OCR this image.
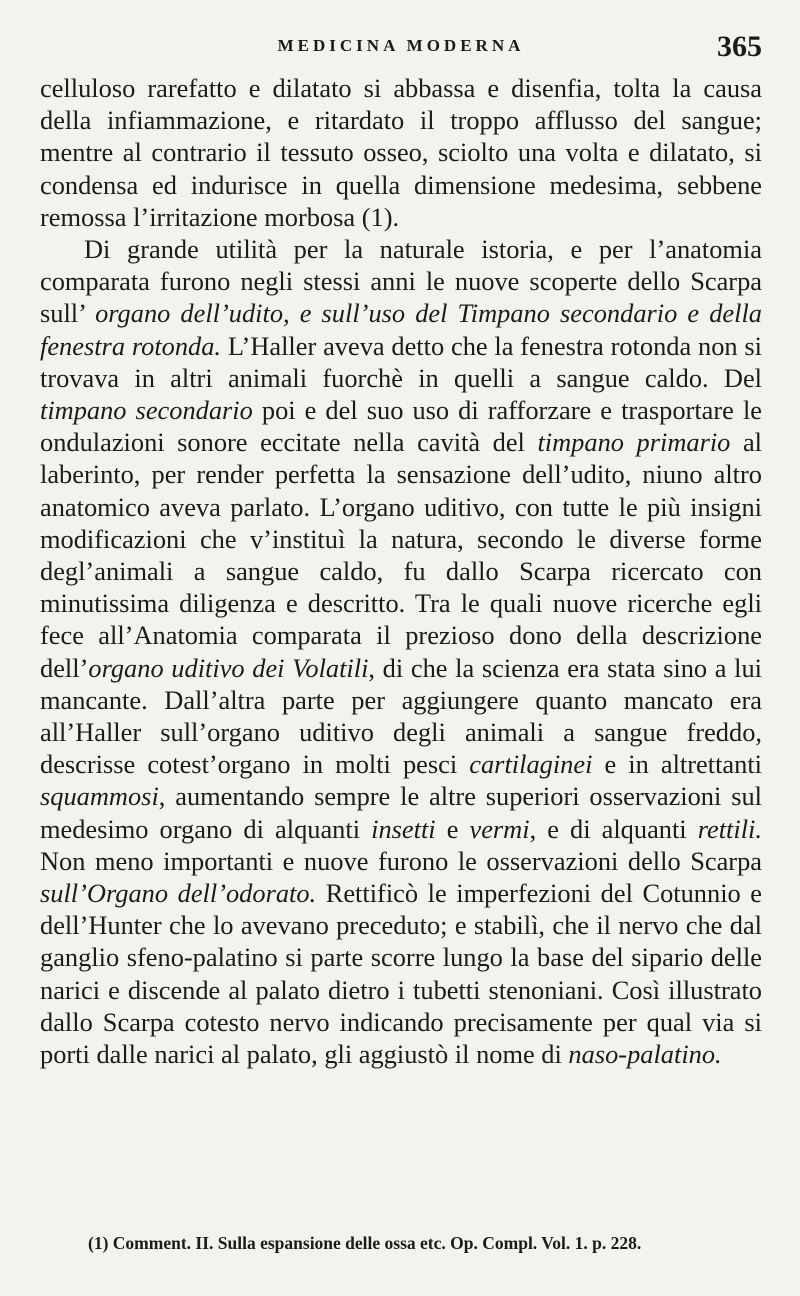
MEDICINA MODERNA	365

celluloso rarefatto e dilatato si abbassa e disenfia, tolta la causa della infiammazione, e ritardato il troppo afflusso del sangue; mentre al contrario il tessuto osseo, sciolto una volta e dilatato, si condensa ed indurisce in quella dimensione medesima, sebbene remossa l’irritazione morbosa (1).

Di grande utilità per la naturale istoria, e per l’anatomia comparata furono negli stessi anni le nuove scoperte dello Scarpa sull’ organo dell’udito, e sull’uso del Timpano secondario e della fenestra rotonda. L’Haller aveva detto che la fenestra rotonda non si trovava in altri animali fuorchè in quelli a sangue caldo. Del timpano secondario poi e del suo uso di rafforzare e trasportare le ondulazioni sonore eccitate nella cavità del timpano primario al laberinto, per render perfetta la sensazione dell’udito, niuno altro anatomico aveva parlato. L’organo uditivo, con tutte le più insigni modificazioni che v’instituì la natura, secondo le diverse forme degl’animali a sangue caldo, fu dallo Scarpa ricercato con minutissima diligenza e descritto. Tra le quali nuove ricerche egli fece all’Anatomia comparata il prezioso dono della descrizione dell’organo uditivo dei Volatili, di che la scienza era stata sino a lui mancante. Dall’altra parte per aggiungere quanto mancato era all’Haller sull’organo uditivo degli animali a sangue freddo, descrisse cotest’organo in molti pesci cartilaginei e in altrettanti squammosi, aumentando sempre le altre superiori osservazioni sul medesimo organo di alquanti insetti e vermi, e di alquanti rettili. Non meno importanti e nuove furono le osservazioni dello Scarpa sull’Organo dell’odorato. Rettificò le imperfezioni del Cotunnio e dell’Hunter che lo avevano preceduto; e stabilì, che il nervo che dal ganglio sfeno-palatino si parte scorre lungo la base del sipario delle narici e discende al palato dietro i tubetti stenoniani. Così illustrato dallo Scarpa cotesto nervo indicando precisamente per qual via si porti dalle narici al palato, gli aggiustò il nome di naso-palatino.

(1) Comment. II. Sulla espansione delle ossa etc. Op. Compl. Vol. 1. p. 228.
